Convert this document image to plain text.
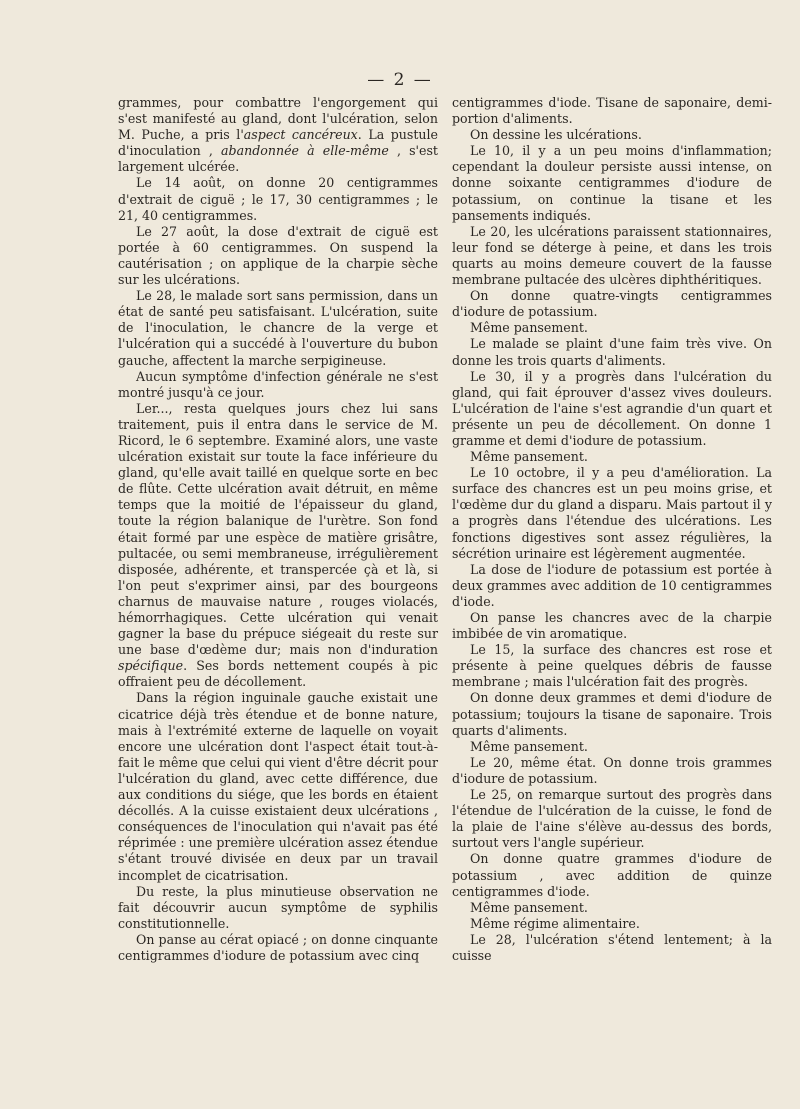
— 2 —

grammes, pour combattre l'engorgement qui s'est manifesté au gland, dont l'ulcération, selon M. Puche, a pris l'aspect cancéreux. La pustule d'inoculation , abandonnée à elle-même , s'est largement ulcérée.

Le 14 août, on donne 20 centigrammes d'extrait de ciguë ; le 17, 30 centigrammes ; le 21, 40 centigrammes.

Le 27 août, la dose d'extrait de ciguë est portée à 60 centigrammes. On suspend la cautérisation ; on applique de la charpie sèche sur les ulcérations.

Le 28, le malade sort sans permission, dans un état de santé peu satisfaisant. L'ulcération, suite de l'inoculation, le chancre de la verge et l'ulcération qui a succédé à l'ouverture du bubon gauche, affectent la marche serpigineuse.

Aucun symptôme d'infection générale ne s'est montré jusqu'à ce jour.

Ler..., resta quelques jours chez lui sans traitement, puis il entra dans le service de M. Ricord, le 6 septembre. Examiné alors, une vaste ulcération existait sur toute la face inférieure du gland, qu'elle avait taillé en quelque sorte en bec de flûte. Cette ulcération avait détruit, en même temps que la moitié de l'épaisseur du gland, toute la région balanique de l'urètre. Son fond était formé par une espèce de matière grisâtre, pultacée, ou semi membraneuse, irrégulièrement disposée, adhérente, et transpercée çà et là, si l'on peut s'exprimer ainsi, par des bourgeons charnus de mauvaise nature , rouges violacés, hémorrhagiques. Cette ulcération qui venait gagner la base du prépuce siégeait du reste sur une base d'œdème dur; mais non d'induration spécifique. Ses bords nettement coupés à pic offraient peu de décollement.

Dans la région inguinale gauche existait une cicatrice déjà très étendue et de bonne nature, mais à l'extrémité externe de laquelle on voyait encore une ulcération dont l'aspect était tout-à-fait le même que celui qui vient d'être décrit pour l'ulcération du gland, avec cette différence, due aux conditions du siége, que les bords en étaient décollés. A la cuisse existaient deux ulcérations , conséquences de l'inoculation qui n'avait pas été réprimée : une première ulcération assez étendue s'étant trouvé divisée en deux par un travail incomplet de cicatrisation.

Du reste, la plus minutieuse observation ne fait découvrir aucun symptôme de syphilis constitutionnelle.

On panse au cérat opiacé ; on donne cinquante centigrammes d'iodure de potassium avec cinq

centigrammes d'iode. Tisane de saponaire, demi-portion d'aliments.

On dessine les ulcérations.

Le 10, il y a un peu moins d'inflammation; cependant la douleur persiste aussi intense, on donne soixante centigrammes d'iodure de potassium, on continue la tisane et les pansements indiqués.

Le 20, les ulcérations paraissent stationnaires, leur fond se déterge à peine, et dans les trois quarts au moins demeure couvert de la fausse membrane pultacée des ulcères diphthéritiques.

On donne quatre-vingts centigrammes d'iodure de potassium.

Même pansement.

Le malade se plaint d'une faim très vive. On donne les trois quarts d'aliments.

Le 30, il y a progrès dans l'ulcération du gland, qui fait éprouver d'assez vives douleurs. L'ulcération de l'aine s'est agrandie d'un quart et présente un peu de décollement. On donne 1 gramme et demi d'iodure de potassium.

Même pansement.

Le 10 octobre, il y a peu d'amélioration. La surface des chancres est un peu moins grise, et l'œdème dur du gland a disparu. Mais partout il y a progrès dans l'étendue des ulcérations. Les fonctions digestives sont assez régulières, la sécrétion urinaire est légèrement augmentée.

La dose de l'iodure de potassium est portée à deux grammes avec addition de 10 centigrammes d'iode.

On panse les chancres avec de la charpie imbibée de vin aromatique.

Le 15, la surface des chancres est rose et présente à peine quelques débris de fausse membrane ; mais l'ulcération fait des progrès.

On donne deux grammes et demi d'iodure de potassium; toujours la tisane de saponaire. Trois quarts d'aliments.

Même pansement.

Le 20, même état. On donne trois grammes d'iodure de potassium.

Le 25, on remarque surtout des progrès dans l'étendue de l'ulcération de la cuisse, le fond de la plaie de l'aine s'élève au-dessus des bords, surtout vers l'angle supérieur.

On donne quatre grammes d'iodure de potassium , avec addition de quinze centigrammes d'iode.

Même pansement.

Même régime alimentaire.

Le 28, l'ulcération s'étend lentement; à la cuisse
